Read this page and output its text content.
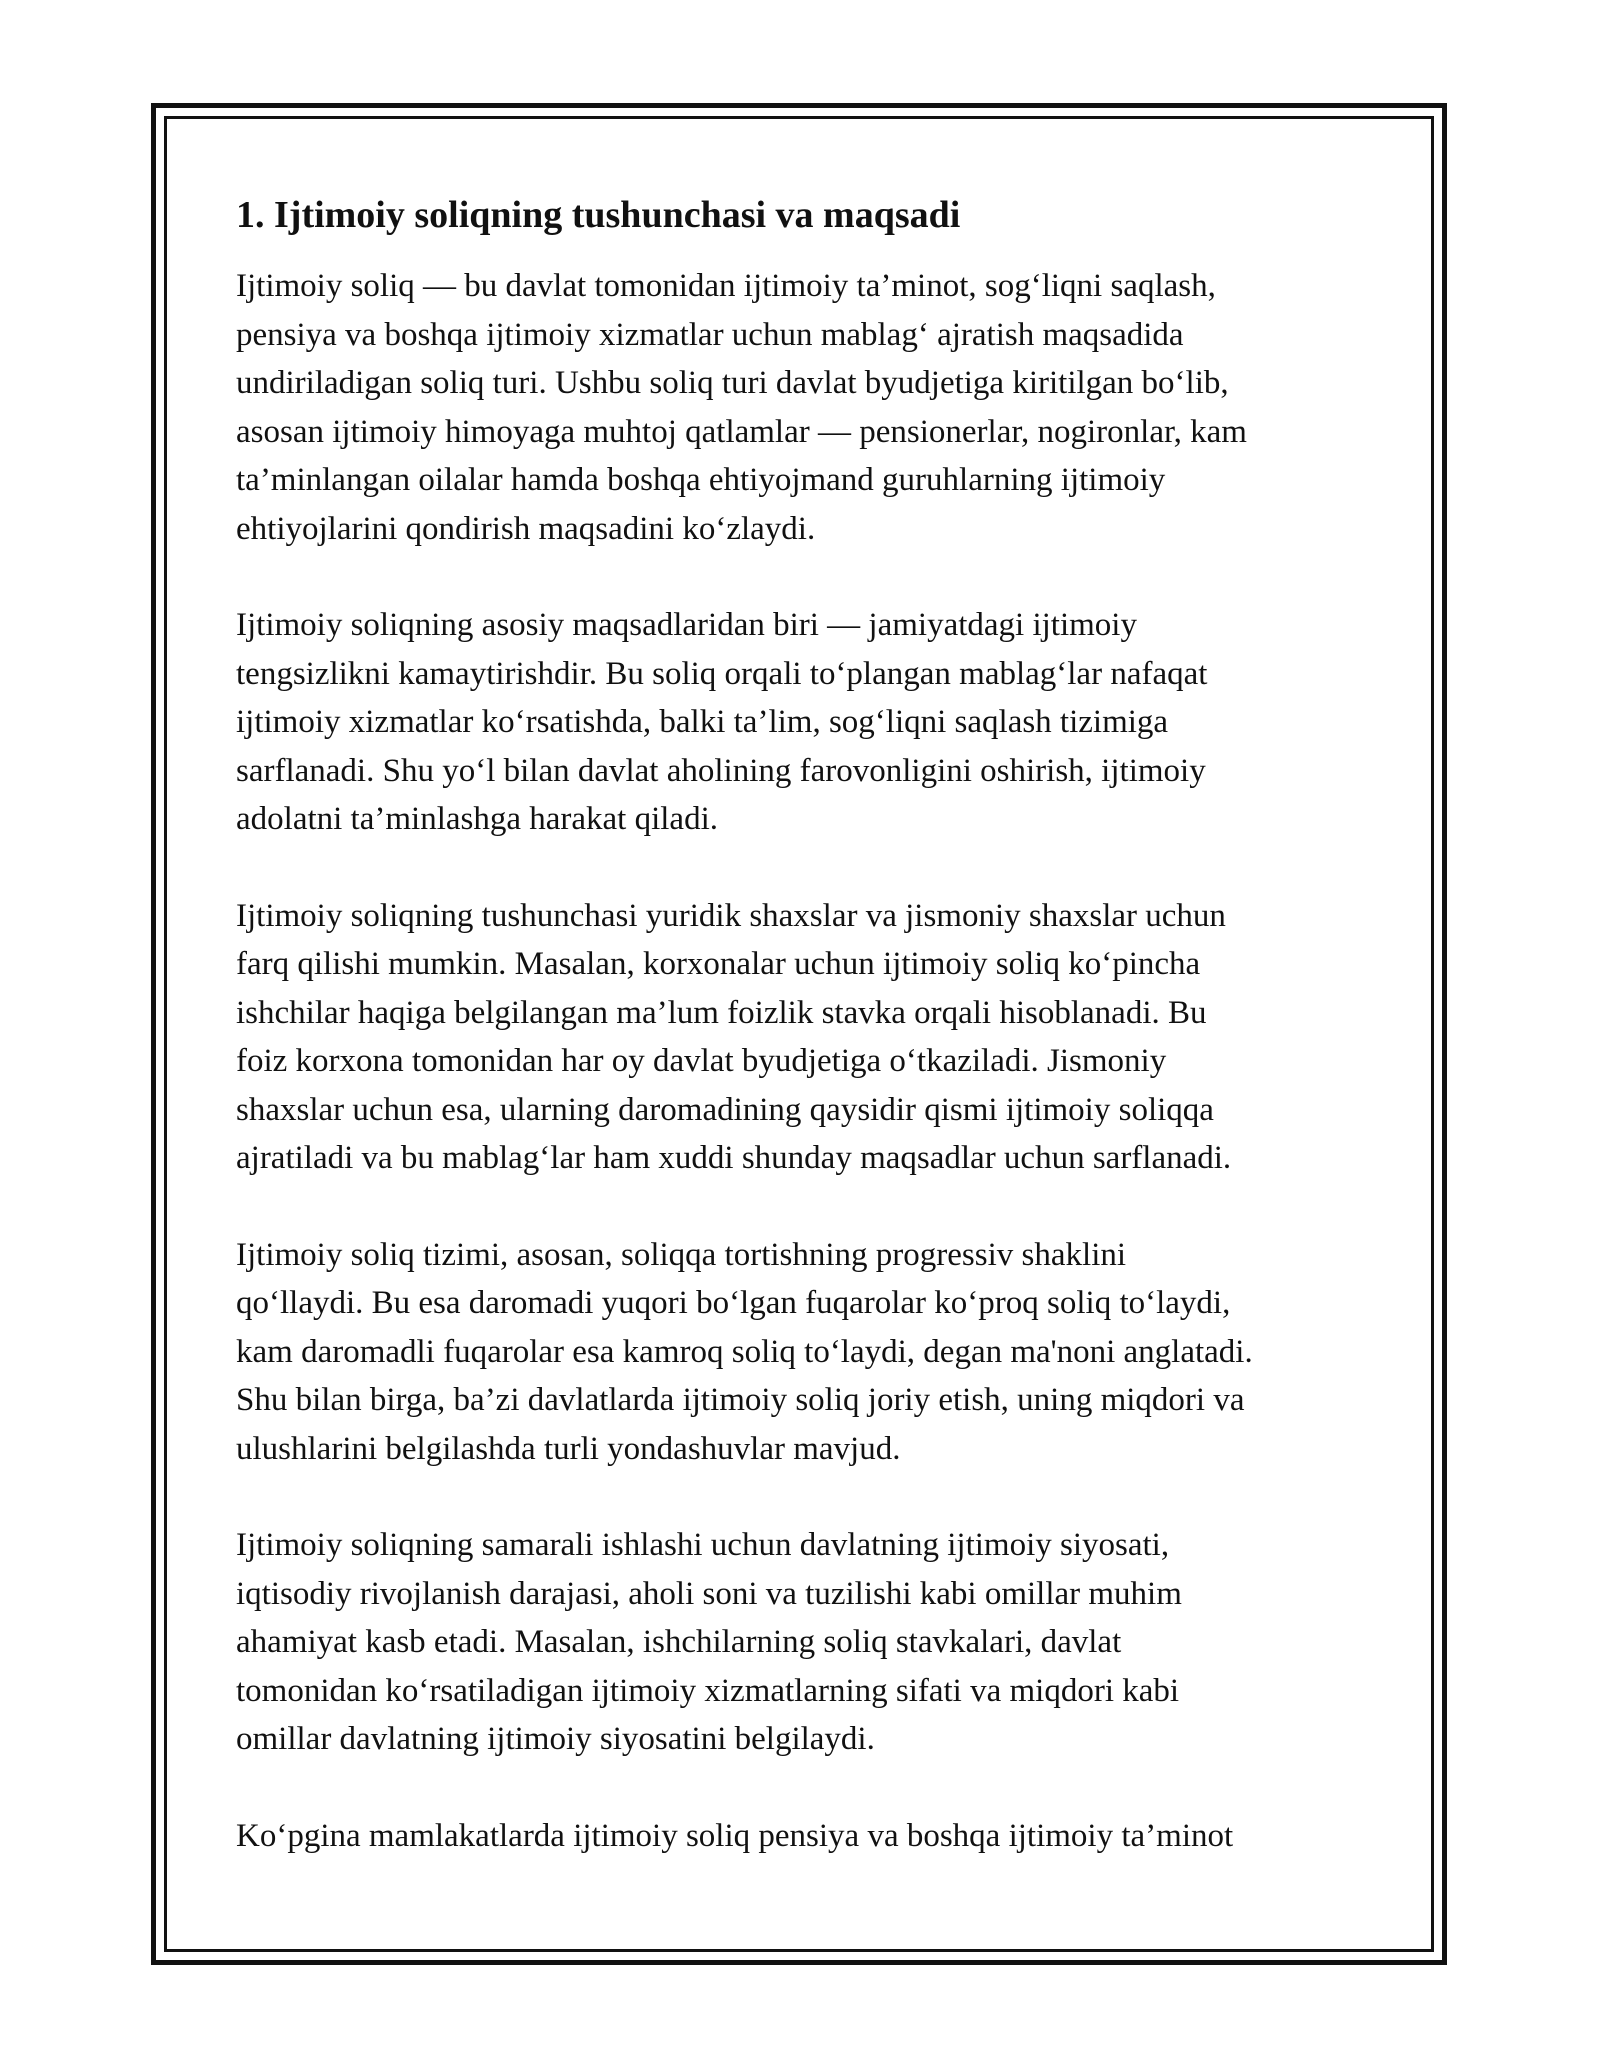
1. Ijtimoiy soliqning tushunchasi va maqsadi

Ijtimoiy soliq — bu davlat tomonidan ijtimoiy ta’minot, sog‘liqni saqlash,
pensiya va boshqa ijtimoiy xizmatlar uchun mablag‘ ajratish maqsadida
undiriladigan soliq turi. Ushbu soliq turi davlat byudjetiga kiritilgan bo‘lib,
asosan ijtimoiy himoyaga muhtoj qatlamlar — pensionerlar, nogironlar, kam
ta’minlangan oilalar hamda boshqa ehtiyojmand guruhlarning ijtimoiy
ehtiyojlarini qondirish maqsadini ko‘zlaydi.

Ijtimoiy soliqning asosiy maqsadlaridan biri — jamiyatdagi ijtimoiy
tengsizlikni kamaytirishdir. Bu soliq orqali to‘plangan mablag‘lar nafaqat
ijtimoiy xizmatlar ko‘rsatishda, balki ta’lim, sog‘liqni saqlash tizimiga
sarflanadi. Shu yo‘l bilan davlat aholining farovonligini oshirish, ijtimoiy
adolatni ta’minlashga harakat qiladi.

Ijtimoiy soliqning tushunchasi yuridik shaxslar va jismoniy shaxslar uchun
farq qilishi mumkin. Masalan, korxonalar uchun ijtimoiy soliq ko‘pincha
ishchilar haqiga belgilangan ma’lum foizlik stavka orqali hisoblanadi. Bu
foiz korxona tomonidan har oy davlat byudjetiga o‘tkaziladi. Jismoniy
shaxslar uchun esa, ularning daromadining qaysidir qismi ijtimoiy soliqqa
ajratiladi va bu mablag‘lar ham xuddi shunday maqsadlar uchun sarflanadi.

Ijtimoiy soliq tizimi, asosan, soliqqa tortishning progressiv shaklini
qo‘llaydi. Bu esa daromadi yuqori bo‘lgan fuqarolar ko‘proq soliq to‘laydi,
kam daromadli fuqarolar esa kamroq soliq to‘laydi, degan ma'noni anglatadi.
Shu bilan birga, ba’zi davlatlarda ijtimoiy soliq joriy etish, uning miqdori va
ulushlarini belgilashda turli yondashuvlar mavjud.

Ijtimoiy soliqning samarali ishlashi uchun davlatning ijtimoiy siyosati,
iqtisodiy rivojlanish darajasi, aholi soni va tuzilishi kabi omillar muhim
ahamiyat kasb etadi. Masalan, ishchilarning soliq stavkalari, davlat
tomonidan ko‘rsatiladigan ijtimoiy xizmatlarning sifati va miqdori kabi
omillar davlatning ijtimoiy siyosatini belgilaydi.

Ko‘pgina mamlakatlarda ijtimoiy soliq pensiya va boshqa ijtimoiy ta’minot
